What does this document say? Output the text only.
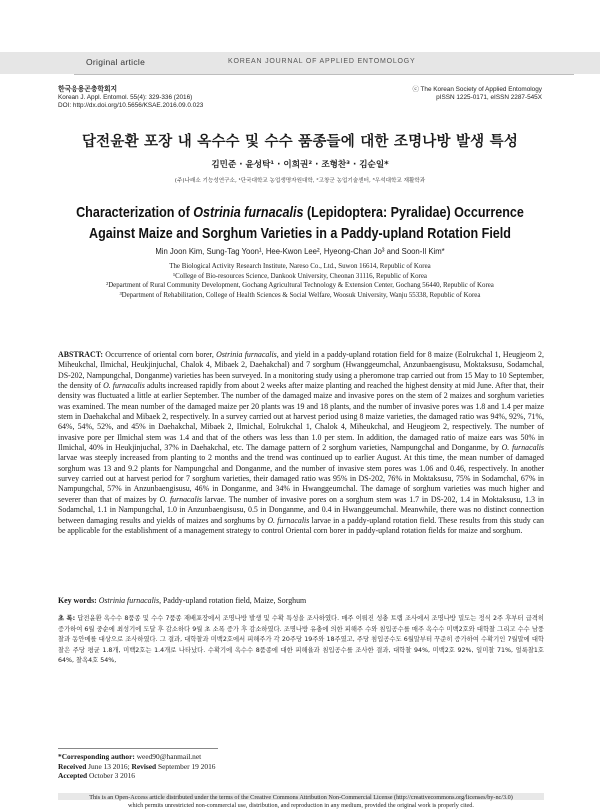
Original article	KOREAN JOURNAL OF APPLIED ENTOMOLOGY
한국응용곤충학회지
Korean J. Appl. Entomol. 55(4): 329-336 (2016)
DOI: http://dx.doi.org/10.5656/KSAE.2016.09.0.023
ⓒ The Korean Society of Applied Entomology
pISSN 1225-0171, eISSN 2287-545X
답전윤환 포장 내 옥수수 및 수수 품종들에 대한 조명나방 발생 특성
김민준 · 윤성탁¹ · 이희권² · 조형찬³ · 김순일*
(주)나래소 기능성연구소, ¹단국대학교 농업생명자원대학, ²고창군 농업기술센터, ³우석대학교 재활학과
Characterization of Ostrinia furnacalis (Lepidoptera: Pyralidae) Occurrence
Against Maize and Sorghum Varieties in a Paddy-upland Rotation Field
Min Joon Kim, Sung-Tag Yoon¹, Hee-Kwon Lee², Hyeong-Chan Jo³ and Soon-Il Kim*
The Biological Activity Research Institute, Nareso Co., Ltd., Suwon 16614, Republic of Korea
¹College of Bio-resources Science, Dankook University, Cheonan 31116, Republic of Korea
²Department of Rural Community Development, Gochang Agricultural Technology & Extension Center, Gochang 56440, Republic of Korea
³Department of Rehabilitation, College of Health Sciences & Social Welfare, Woosuk University, Wanju 55338, Republic of Korea
ABSTRACT: Occurrence of oriental corn borer, Ostrinia furnacalis, and yield in a paddy-upland rotation field for 8 maize (Eolrukchal 1, Heugjeom 2, Miheukchal, Ilmichal, Heukjinjuchal, Chalok 4, Mibaek 2, Daehakchal) and 7 sorghum (Hwanggeumchal, Anzunbaengisusu, Moktaksusu, Sodamchal, DS-202, Nampungchal, Donganme) varieties has been surveyed. In a monitoring study using a pheromone trap carried out from 15 May to 10 September, the density of O. furnacalis adults increased rapidly from about 2 weeks after maize planting and reached the highest density at mid June. After that, their density was fluctuated a little at earlier September. The number of the damaged maize and invasive pores on the stem of 2 maizes and sorghum varieties was examined. The mean number of the damaged maize per 20 plants was 19 and 18 plants, and the number of invasive pores was 1.8 and 1.4 per maize stem in Daehakchal and Mibaek 2, respectively. In a survey carried out at harvest period using 8 maize varieties, the damaged ratio was 94%, 92%, 71%, 64%, 54%, 52%, and 45% in Daehakchal, Mibaek 2, Ilmichal, Eolrukchal 1, Chalok 4, Miheukchal, and Heugjeom 2, respectively. The number of invasive pore per Ilmichal stem was 1.4 and that of the others was less than 1.0 per stem. In addition, the damaged ratio of maize ears was 50% in Ilmichal, 40% in Heukjinjuchal, 37% in Daehakchal, etc. The damage pattern of 2 sorghum varieties, Nampungchal and Donganme, by O. furnacalis larvae was steeply increased from planting to 2 months and the trend was continued up to earlier August. At this time, the mean number of damaged sorghum was 13 and 9.2 plants for Nampungchal and Donganme, and the number of invasive stem pores was 1.06 and 0.46, respectively. In another survey carried out at harvest period for 7 sorghum varieties, their damaged ratio was 95% in DS-202, 76% in Moktaksusu, 75% in Sodamchal, 67% in Nampungchal, 57% in Anzunbaengisusu, 46% in Donganme, and 34% in Hwanggeumchal. The damage of sorghum varieties was much higher and severer than that of maizes by O. furnacalis larvae. The number of invasive pores on a sorghum stem was 1.7 in DS-202, 1.4 in Moktaksusu, 1.3 in Sodamchal, 1.1 in Nampungchal, 1.0 in Anzunbaengisusu, 0.5 in Donganme, and 0.4 in Hwanggeumchal. Meanwhile, there was no distinct connection between damaging results and yields of maizes and sorghums by O. furnacalis larvae in a paddy-upland rotation field. These results from this study can be applicable for the establishment of a management strategy to control Oriental corn borer in paddy-upland rotation fields for maize and sorghum.
Key words: Ostrinia furnacalis, Paddy-upland rotation field, Maize, Sorghum
초 록: 답전윤환 옥수수 8품종 및 수수 7품종 재배포장에서 조명나방 발생 및 수확 특성을 조사하였다. 매주 이뤄진 성충 트랩 조사에서 조명나방 밀도는 정식 2주 후부터 급격히 증가하여 6월 중순에 최성기에 도달 후 감소하다 9월 초 소폭 증가 후 감소하였다. 조명나방 유충에 의한 피해주 수와 침입공수를 매주 옥수수 미백2호와 대학찰 그리고 수수 남풍찰과 동안메를 대상으로 조사하였다. 그 결과, 대학찰과 미백2호에서 피해주가 각 20주당 19주와 18주였고, 주당 침입공수도 6월말부터 꾸준히 증가하여 수확기인 7월말에 대학찰은 주당 평균 1.8개, 미백2호는 1.4개로 나타났다. 수확기에 옥수수 8품종에 대한 피해율과 침입공수를 조사한 결과, 대학찰 94%, 미백2호 92%, 일미찰 71%, 얼룩찰1호 64%, 찰옥4호 54%,
*Corresponding author: weed90@hanmail.net
Received June 13 2016; Revised September 19 2016
Accepted October 3 2016
This is an Open-Access article distributed under the terms of the Creative Commons Attribution Non-Commercial License (http://creativecommons.org/licenses/by-nc/3.0)
which permits unrestricted non-commercial use, distribution, and reproduction in any medium, provided the original work is properly cited.
